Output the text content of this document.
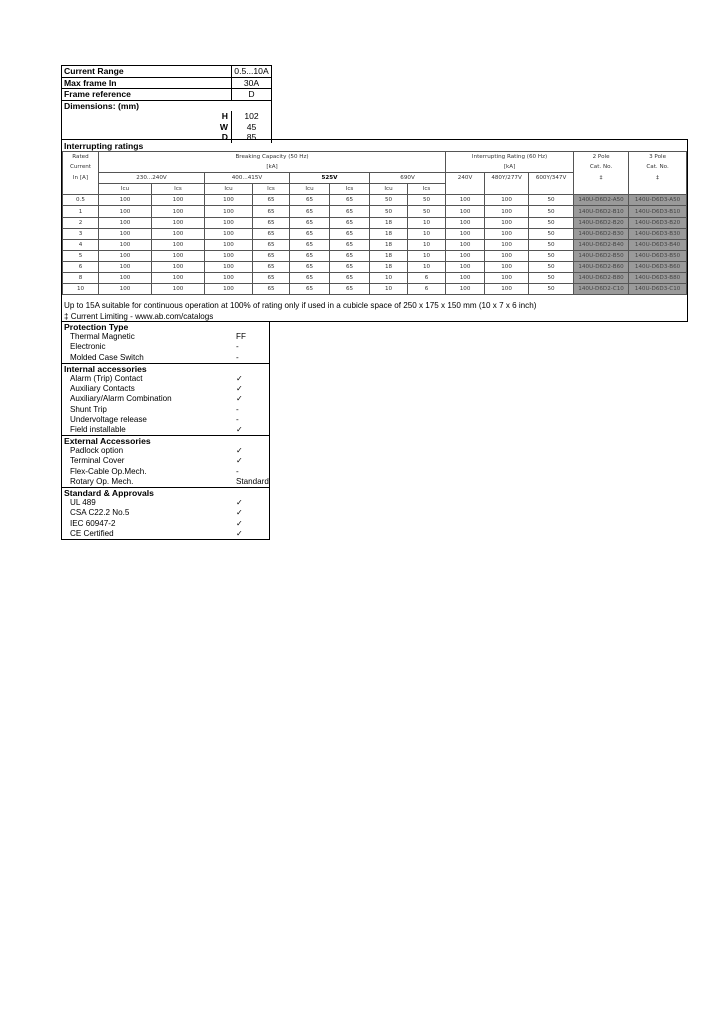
Current Range	0.5...10A
Max frame In	30A
Frame reference	D
Dimensions: (mm)
H	102
W	45
D	85
Interrupting ratings
Rated	Breaking Capacity (50 Hz)								Interrupting Rating (60 Hz)			2 Pole	3 Pole
Current	[kA]								[kA]			Cat. No.	Cat. No.
In [A]	230...240V		400...415V		525V		690V		240V	480Y/277V	600Y/347V	‡	‡
	Icu	Ics	Icu	Ics	Icu	Ics	Icu	Ics					
0.5	100	100	100	65	65	65	50	50	100	100	50	140U-D6D2-A50	140U-D6D3-A50
1	100	100	100	65	65	65	50	50	100	100	50	140U-D6D2-B10	140U-D6D3-B10
2	100	100	100	65	65	65	18	10	100	100	50	140U-D6D2-B20	140U-D6D3-B20
3	100	100	100	65	65	65	18	10	100	100	50	140U-D6D2-B30	140U-D6D3-B30
4	100	100	100	65	65	65	18	10	100	100	50	140U-D6D2-B40	140U-D6D3-B40
5	100	100	100	65	65	65	18	10	100	100	50	140U-D6D2-B50	140U-D6D3-B50
6	100	100	100	65	65	65	18	10	100	100	50	140U-D6D2-B60	140U-D6D3-B60
8	100	100	100	65	65	65	10	6	100	100	50	140U-D6D2-B80	140U-D6D3-B80
10	100	100	100	65	65	65	10	6	100	100	50	140U-D6D2-C10	140U-D6D3-C10
Up to 15A suitable for continuous operation at 100% of rating only if used in a cubicle space of 250 x 175 x 150 mm (10 x 7 x 6 inch)
‡ Current Limiting - www.ab.com/catalogs
Protection Type
Thermal Magnetic	FF
Electronic	-
Molded Case Switch	-
Internal accessories
Alarm (Trip) Contact	✓
Auxiliary Contacts	✓
Auxiliary/Alarm Combination	✓
Shunt Trip	-
Undervoltage release	-
Field installable	✓
External Accessories
Padlock option	✓
Terminal Cover	✓
Flex-Cable Op.Mech.	-
Rotary Op. Mech.	Standard
Standard & Approvals
UL 489	✓
CSA C22.2 No.5	✓
IEC 60947-2	✓
CE Certified	✓
